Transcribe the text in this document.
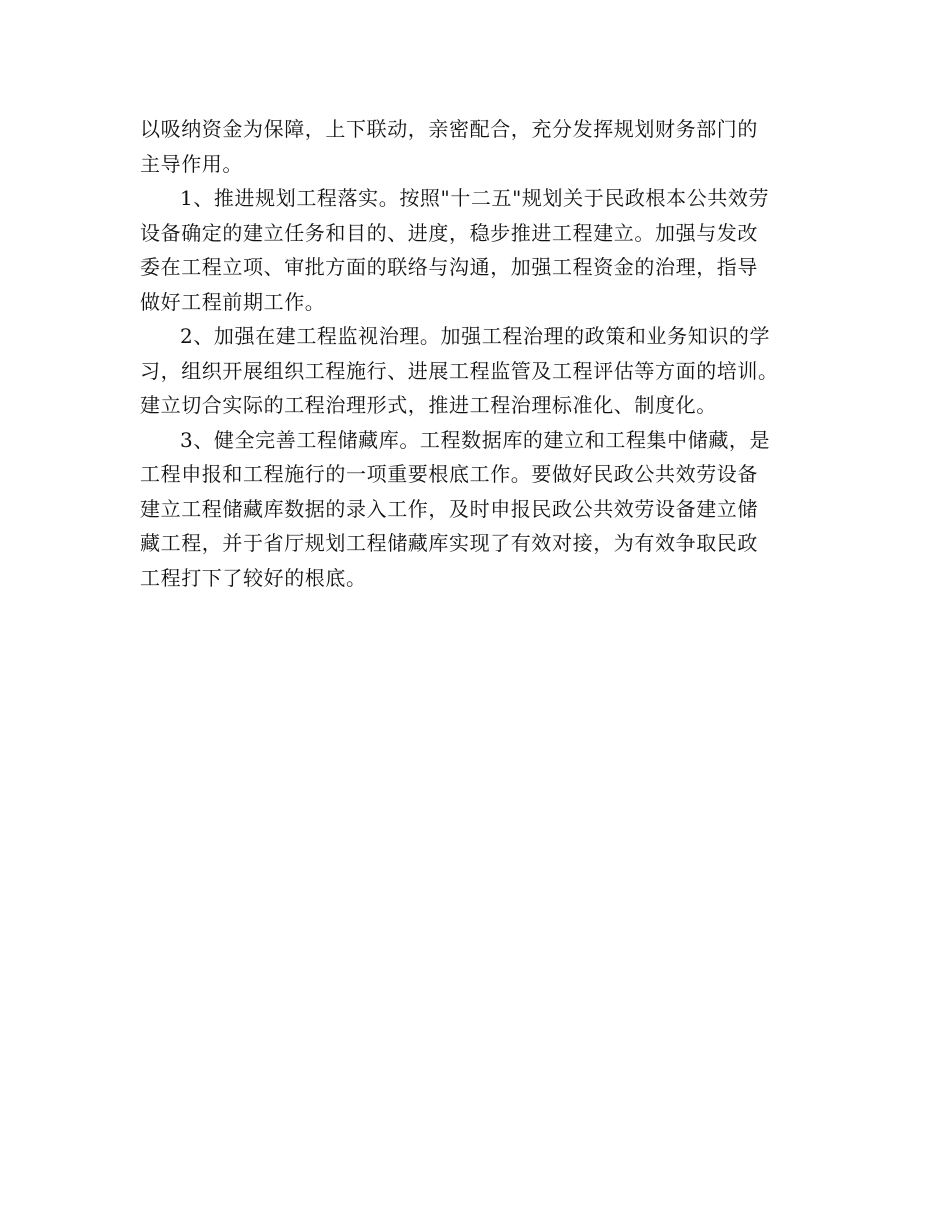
以吸纳资金为保障，上下联动，亲密配合，充分发挥规划财务部门的
主导作用。
1、推进规划工程落实。按照"十二五"规划关于民政根本公共效劳
设备确定的建立任务和目的、进度，稳步推进工程建立。加强与发改
委在工程立项、审批方面的联络与沟通，加强工程资金的治理，指导
做好工程前期工作。
2、加强在建工程监视治理。加强工程治理的政策和业务知识的学
习，组织开展组织工程施行、进展工程监管及工程评估等方面的培训。
建立切合实际的工程治理形式，推进工程治理标准化、制度化。
3、健全完善工程储藏库。工程数据库的建立和工程集中储藏，是
工程申报和工程施行的一项重要根底工作。要做好民政公共效劳设备
建立工程储藏库数据的录入工作，及时申报民政公共效劳设备建立储
藏工程，并于省厅规划工程储藏库实现了有效对接，为有效争取民政
工程打下了较好的根底。
